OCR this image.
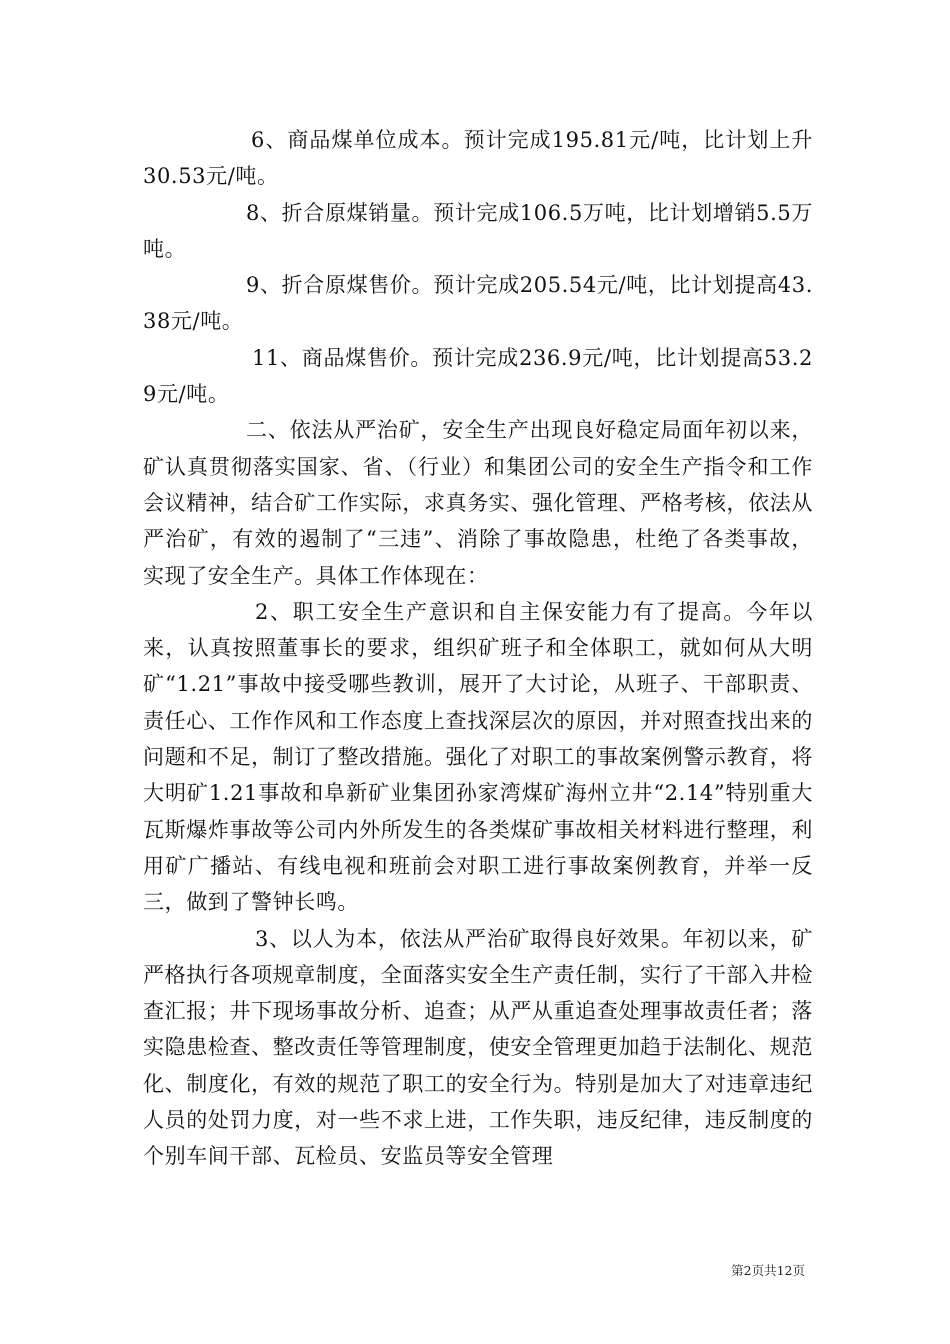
6、商品煤单位成本。预计完成195.81元/吨，比计划上升30.53元/吨。

8、折合原煤销量。预计完成106.5万吨，比计划增销5.5万吨。

9、折合原煤售价。预计完成205.54元/吨，比计划提高43.38元/吨。

11、商品煤售价。预计完成236.9元/吨，比计划提高53.29元/吨。

二、依法从严治矿，安全生产出现良好稳定局面年初以来，矿认真贯彻落实国家、省、（行业）和集团公司的安全生产指令和工作会议精神，结合矿工作实际，求真务实、强化管理、严格考核，依法从严治矿，有效的遏制了“三违”、消除了事故隐患，杜绝了各类事故，实现了安全生产。具体工作体现在：

2、职工安全生产意识和自主保安能力有了提高。今年以来，认真按照董事长的要求，组织矿班子和全体职工，就如何从大明矿“1.21”事故中接受哪些教训，展开了大讨论，从班子、干部职责、责任心、工作作风和工作态度上查找深层次的原因，并对照查找出来的问题和不足，制订了整改措施。强化了对职工的事故案例警示教育，将大明矿1.21事故和阜新矿业集团孙家湾煤矿海州立井“2.14”特别重大瓦斯爆炸事故等公司内外所发生的各类煤矿事故相关材料进行整理，利用矿广播站、有线电视和班前会对职工进行事故案例教育，并举一反三，做到了警钟长鸣。

3、以人为本，依法从严治矿取得良好效果。年初以来，矿严格执行各项规章制度，全面落实安全生产责任制，实行了干部入井检查汇报；井下现场事故分析、追查；从严从重追查处理事故责任者；落实隐患检查、整改责任等管理制度，使安全管理更加趋于法制化、规范化、制度化，有效的规范了职工的安全行为。特别是加大了对违章违纪人员的处罚力度，对一些不求上进，工作失职，违反纪律，违反制度的个别车间干部、瓦检员、安监员等安全管理

第2页共12页
